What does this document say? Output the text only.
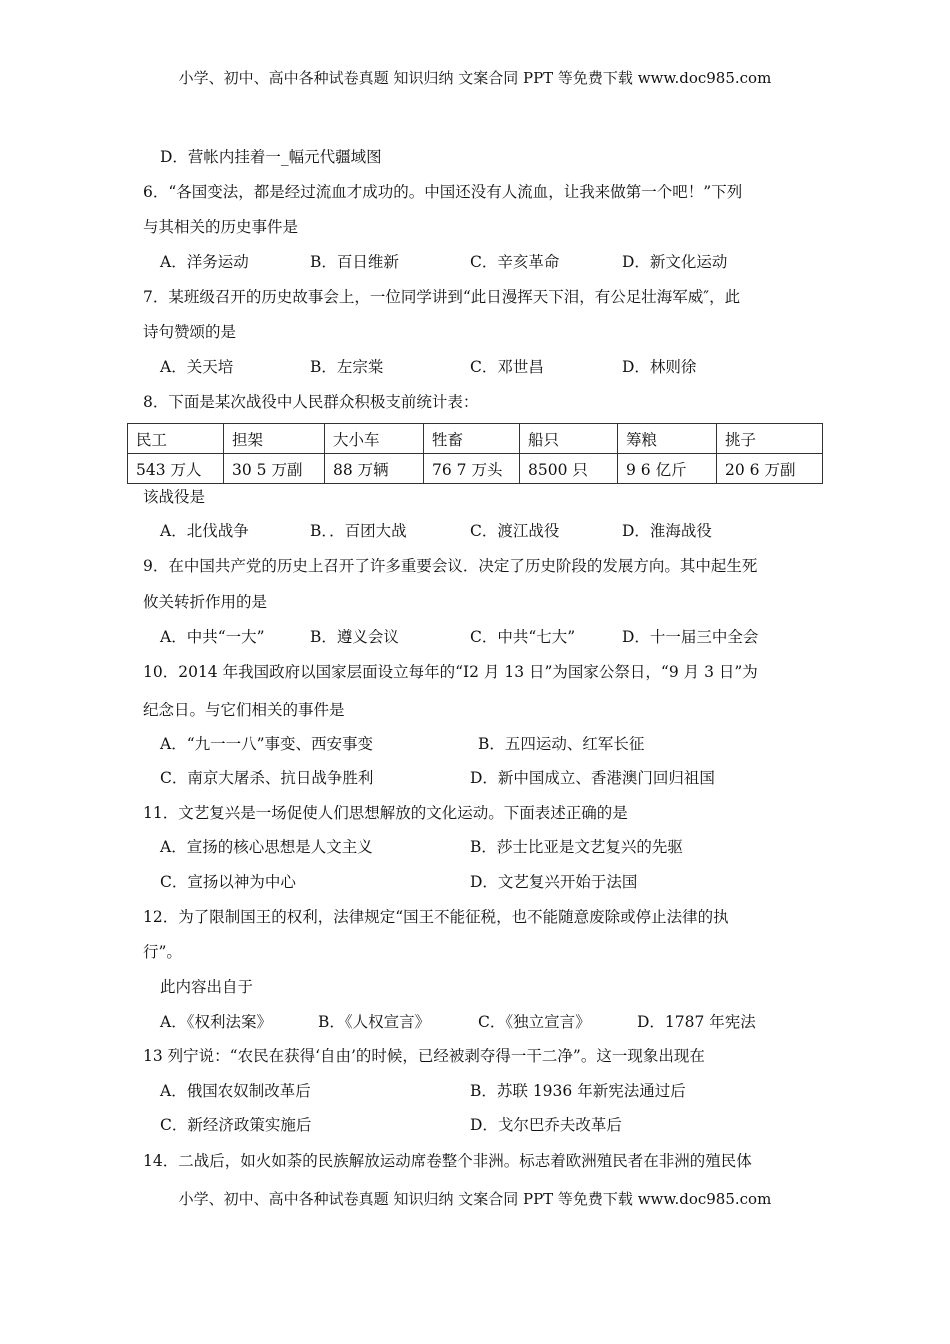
小学、初中、高中各种试卷真题 知识归纳 文案合同 PPT 等免费下载 www.doc985.com
D．营帐内挂着一_幅元代疆域图
6．“各国变法，都是经过流血才成功的。中国还没有人流血，让我来做第一个吧！”下列
与其相关的历史事件是
A．洋务运动	B．百日维新	C．辛亥革命	D．新文化运动
7．某班级召开的历史故事会上，一位同学讲到“此日漫挥天下泪，有公足壮海军威″，此
诗句赞颂的是
A．关天培	B．左宗棠	C．邓世昌	D．林则徐
8．下面是某次战役中人民群众积极支前统计表：
民工	担架	大小车	牲畜	船只	筹粮	挑子
543 万人	30 5 万副	88 万辆	76 7 万头	8500 只	9 6 亿斤	20 6 万副
该战役是
A．北伐战争	B．．百团大战	C．渡江战役	D．淮海战役
9．在中国共产党的历史上召开了许多重要会议．决定了历史阶段的发展方向。其中起生死
攸关转折作用的是
A．中共“一大”	B．遵义会议	C．中共“七大”	D．十一届三中全会
10．2014 年我国政府以国家层面设立每年的“I2 月 13 日”为国家公祭日，“9 月 3 日”为
纪念日。与它们相关的事件是
A．“九一一八”事变、西安事变	B．五四运动、红军长征
C．南京大屠杀、抗日战争胜利	D．新中国成立、香港澳门回归祖国
11．文艺复兴是一场促使人们思想解放的文化运动。下面表述正确的是
A．宣扬的核心思想是人文主义	B．莎士比亚是文艺复兴的先驱
C．宣扬以神为中心	D．文艺复兴开始于法国
12．为了限制国王的权利，法律规定“国王不能征税，也不能随意废除或停止法律的执
行”。
此内容出自于
A．《权利法案》	B．《人权宣言》	C．《独立宣言》	D．1787 年宪法
13 列宁说：“农民在获得‘自由’的时候，已经被剥夺得一干二净”。这一现象出现在
A．俄国农奴制改革后	B．苏联 1936 年新宪法通过后
C．新经济政策实施后	D．戈尔巴乔夫改革后
14．二战后，如火如荼的民族解放运动席卷整个非洲。标志着欧洲殖民者在非洲的殖民体
小学、初中、高中各种试卷真题 知识归纳 文案合同 PPT 等免费下载 www.doc985.com
